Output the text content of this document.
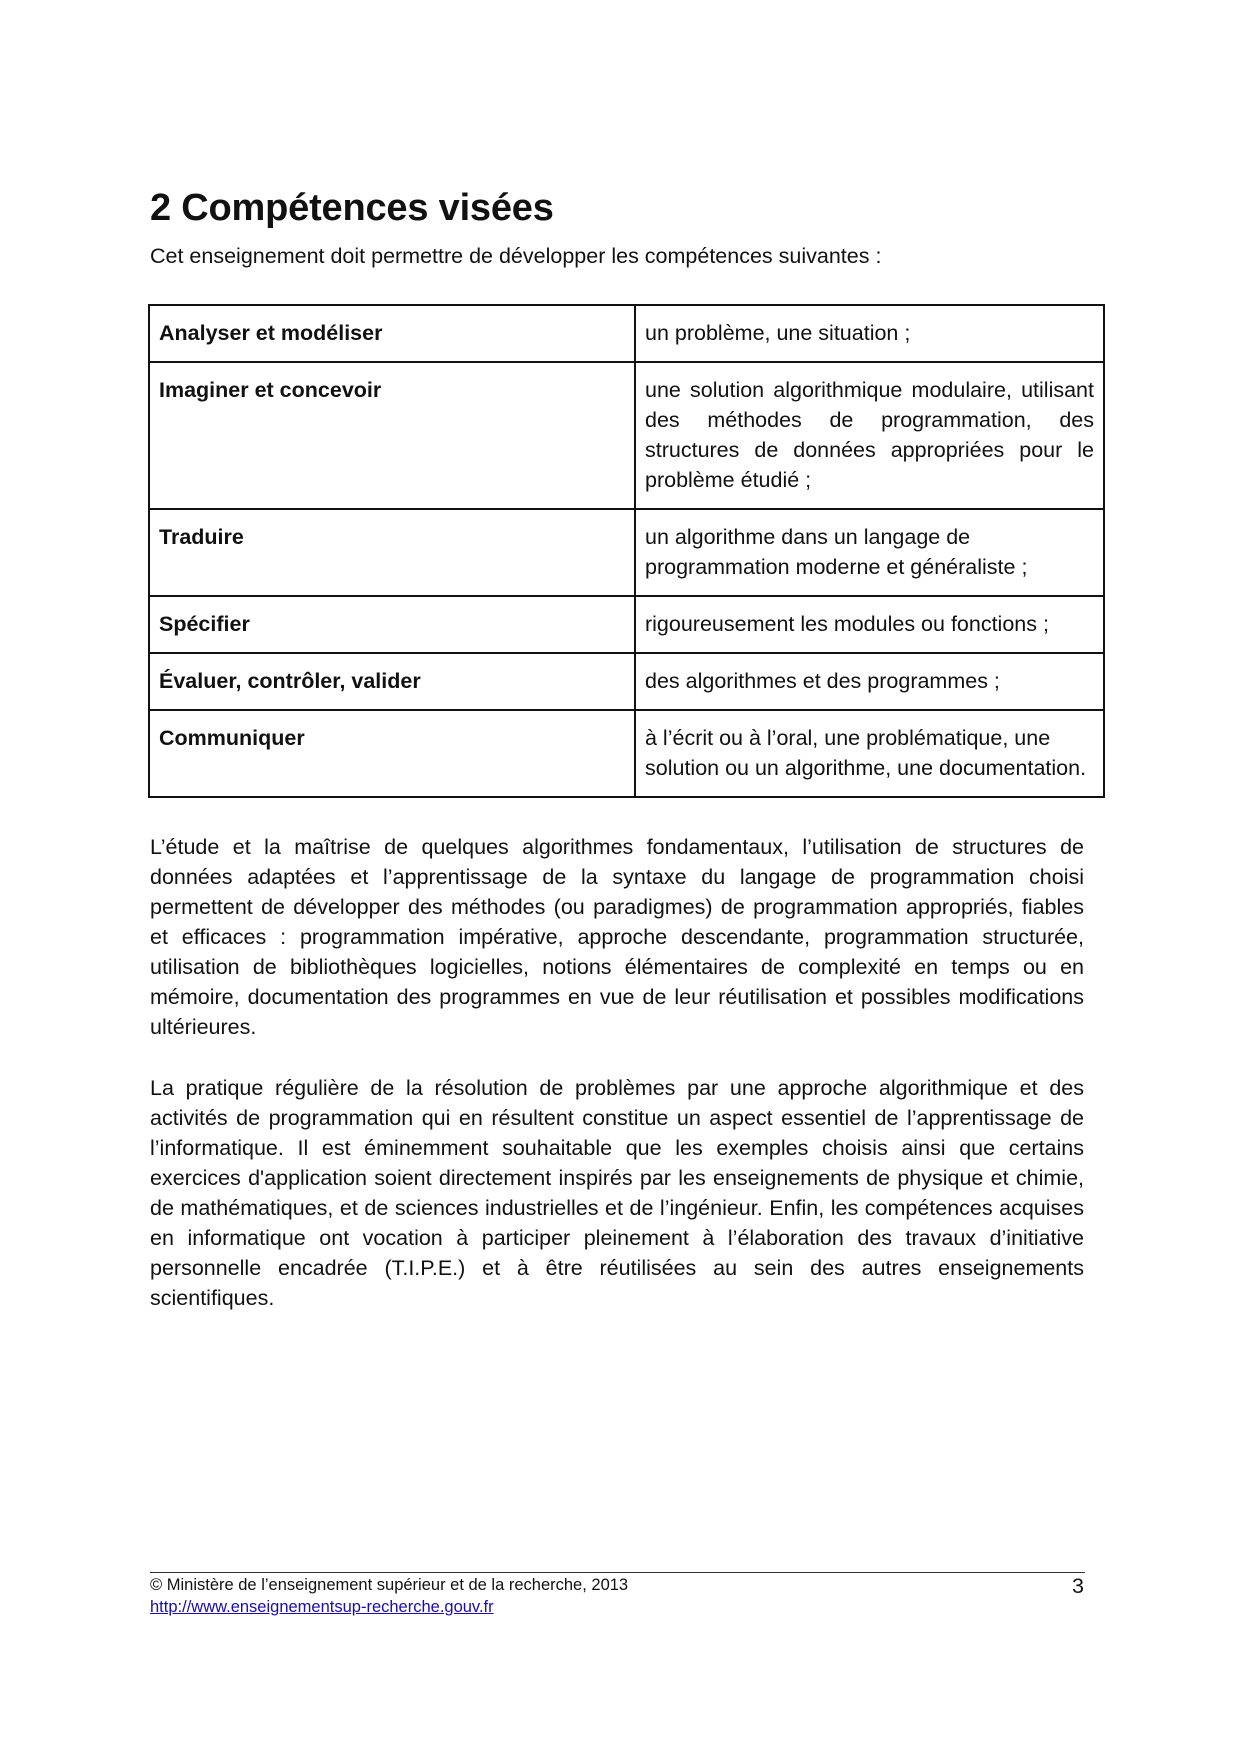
2 Compétences visées

Cet enseignement doit permettre de développer les compétences suivantes :

Analyser et modéliser	un problème, une situation ;
Imaginer et concevoir	une solution algorithmique modulaire, utilisant des méthodes de programmation, des structures de données appropriées pour le problème étudié ;
Traduire	un algorithme dans un langage de programmation moderne et généraliste ;
Spécifier	rigoureusement les modules ou fonctions ;
Évaluer, contrôler, valider	des algorithmes et des programmes ;
Communiquer	à l’écrit ou à l’oral, une problématique, une solution ou un algorithme, une documentation.

L’étude et la maîtrise de quelques algorithmes fondamentaux, l’utilisation de structures de données adaptées et l’apprentissage de la syntaxe du langage de programmation choisi permettent de développer des méthodes (ou paradigmes) de programmation appropriés, fiables et efficaces : programmation impérative, approche descendante, programmation structurée, utilisation de bibliothèques logicielles, notions élémentaires de complexité en temps ou en mémoire, documentation des programmes en vue de leur réutilisation et possibles modifications ultérieures.

La pratique régulière de la résolution de problèmes par une approche algorithmique et des activités de programmation qui en résultent constitue un aspect essentiel de l’apprentissage de l’informatique. Il est éminemment souhaitable que les exemples choisis ainsi que certains exercices d'application soient directement inspirés par les enseignements de physique et chimie, de mathématiques, et de sciences industrielles et de l’ingénieur. Enfin, les compétences acquises en informatique ont vocation à participer pleinement à l’élaboration des travaux d’initiative personnelle encadrée (T.I.P.E.) et à être réutilisées au sein des autres enseignements scientifiques.

© Ministère de l’enseignement supérieur et de la recherche, 2013

http://www.enseignementsup-recherche.gouv.fr

3
